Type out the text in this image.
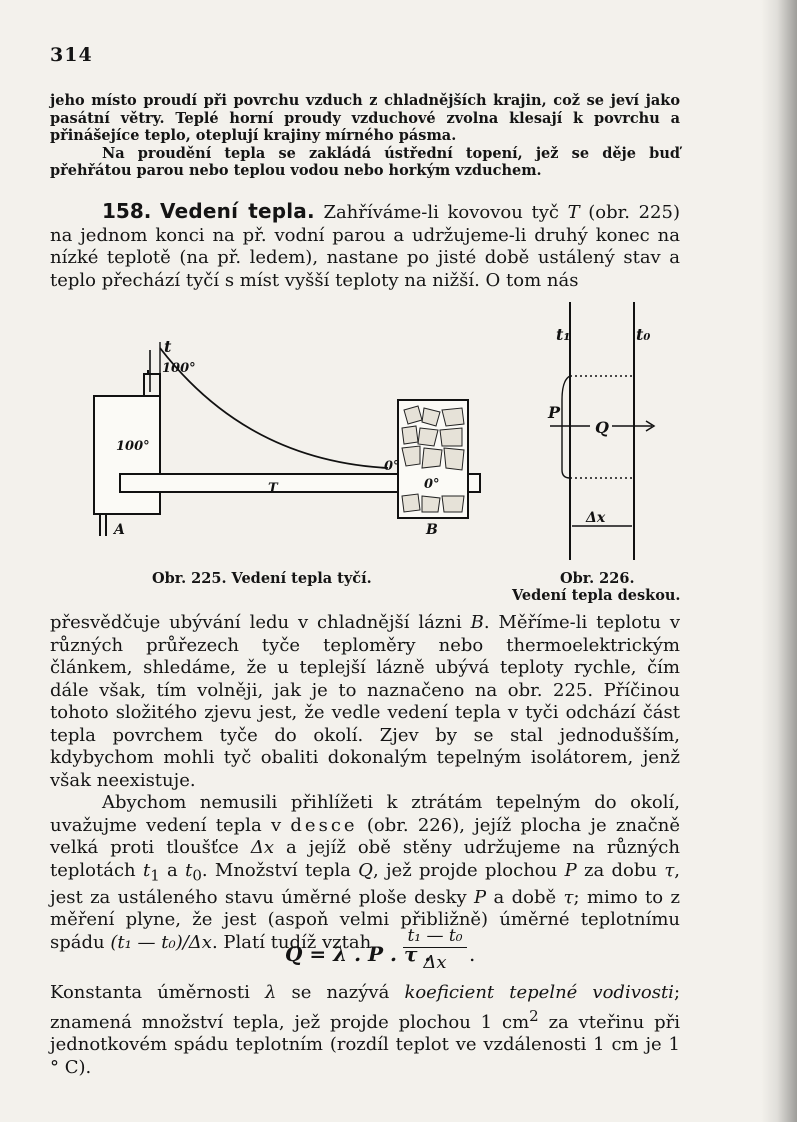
314

jeho místo proudí při povrchu vzduch z chladnějších krajin, což se jeví jako pasátní větry. Teplé horní proudy vzduchové zvolna klesají k povrchu a přinášejíce teplo, oteplují krajiny mírného pásma.

Na proudění tepla se zakládá ústřední topení, jež se děje buď přehřátou parou nebo teplou vodou nebo horkým vzduchem.

158. Vedení tepla. Zahříváme-li kovovou tyč T (obr. 225) na jednom konci na př. vodní parou a udržujeme-li druhý konec na nízké teplotě (na př. ledem), nastane po jisté době ustálený stav a teplo přechází tyčí s míst vyšší teploty na nižší. O tom nás

t
100°
100°
0°
0°
T
A	B
t₁	t₀
P
Q
Δx
Obr. 225. Vedení tepla tyčí.	Obr. 226.
Vedení tepla deskou.

přesvědčuje ubývání ledu v chladnější lázni B. Měříme-li teplotu v různých průřezech tyče teploměry nebo thermoelektrickým článkem, shledáme, že u teplejší lázně ubývá teploty rychle, čím dále však, tím volněji, jak je to naznačeno na obr. 225. Příčinou tohoto složitého zjevu jest, že vedle vedení tepla v tyči odchází část tepla povrchem tyče do okolí. Zjev by se stal jednodušším, kdybychom mohli tyč obaliti dokonalým tepelným isolátorem, jenž však neexistuje.

Abychom nemusili přihlížeti k ztrátám tepelným do okolí, uvažujme vedení tepla v desce (obr. 226), jejíž plocha je značně velká proti tloušťce Δx a jejíž obě stěny udržujeme na různých teplotách $t_1$ a $t_0$. Množství tepla Q, jež projde plochou P za dobu τ, jest za ustáleného stavu úměrné ploše desky P a době τ; mimo to z měření plyne, že jest (aspoň velmi přibližně) úměrné teplotnímu spádu (t₁ — t₀)/Δx. Platí tudíž vztah

Q = λ . P . τ .
t₁ — t₀
Δx	.

Konstanta úměrnosti λ se nazývá koeficient tepelné vodivosti; znamená množství tepla, jež projde plochou 1 $cm^2$ za vteřinu při jednotkovém spádu teplotním (rozdíl teplot ve vzdálenosti 1 cm je 1 ° C).
